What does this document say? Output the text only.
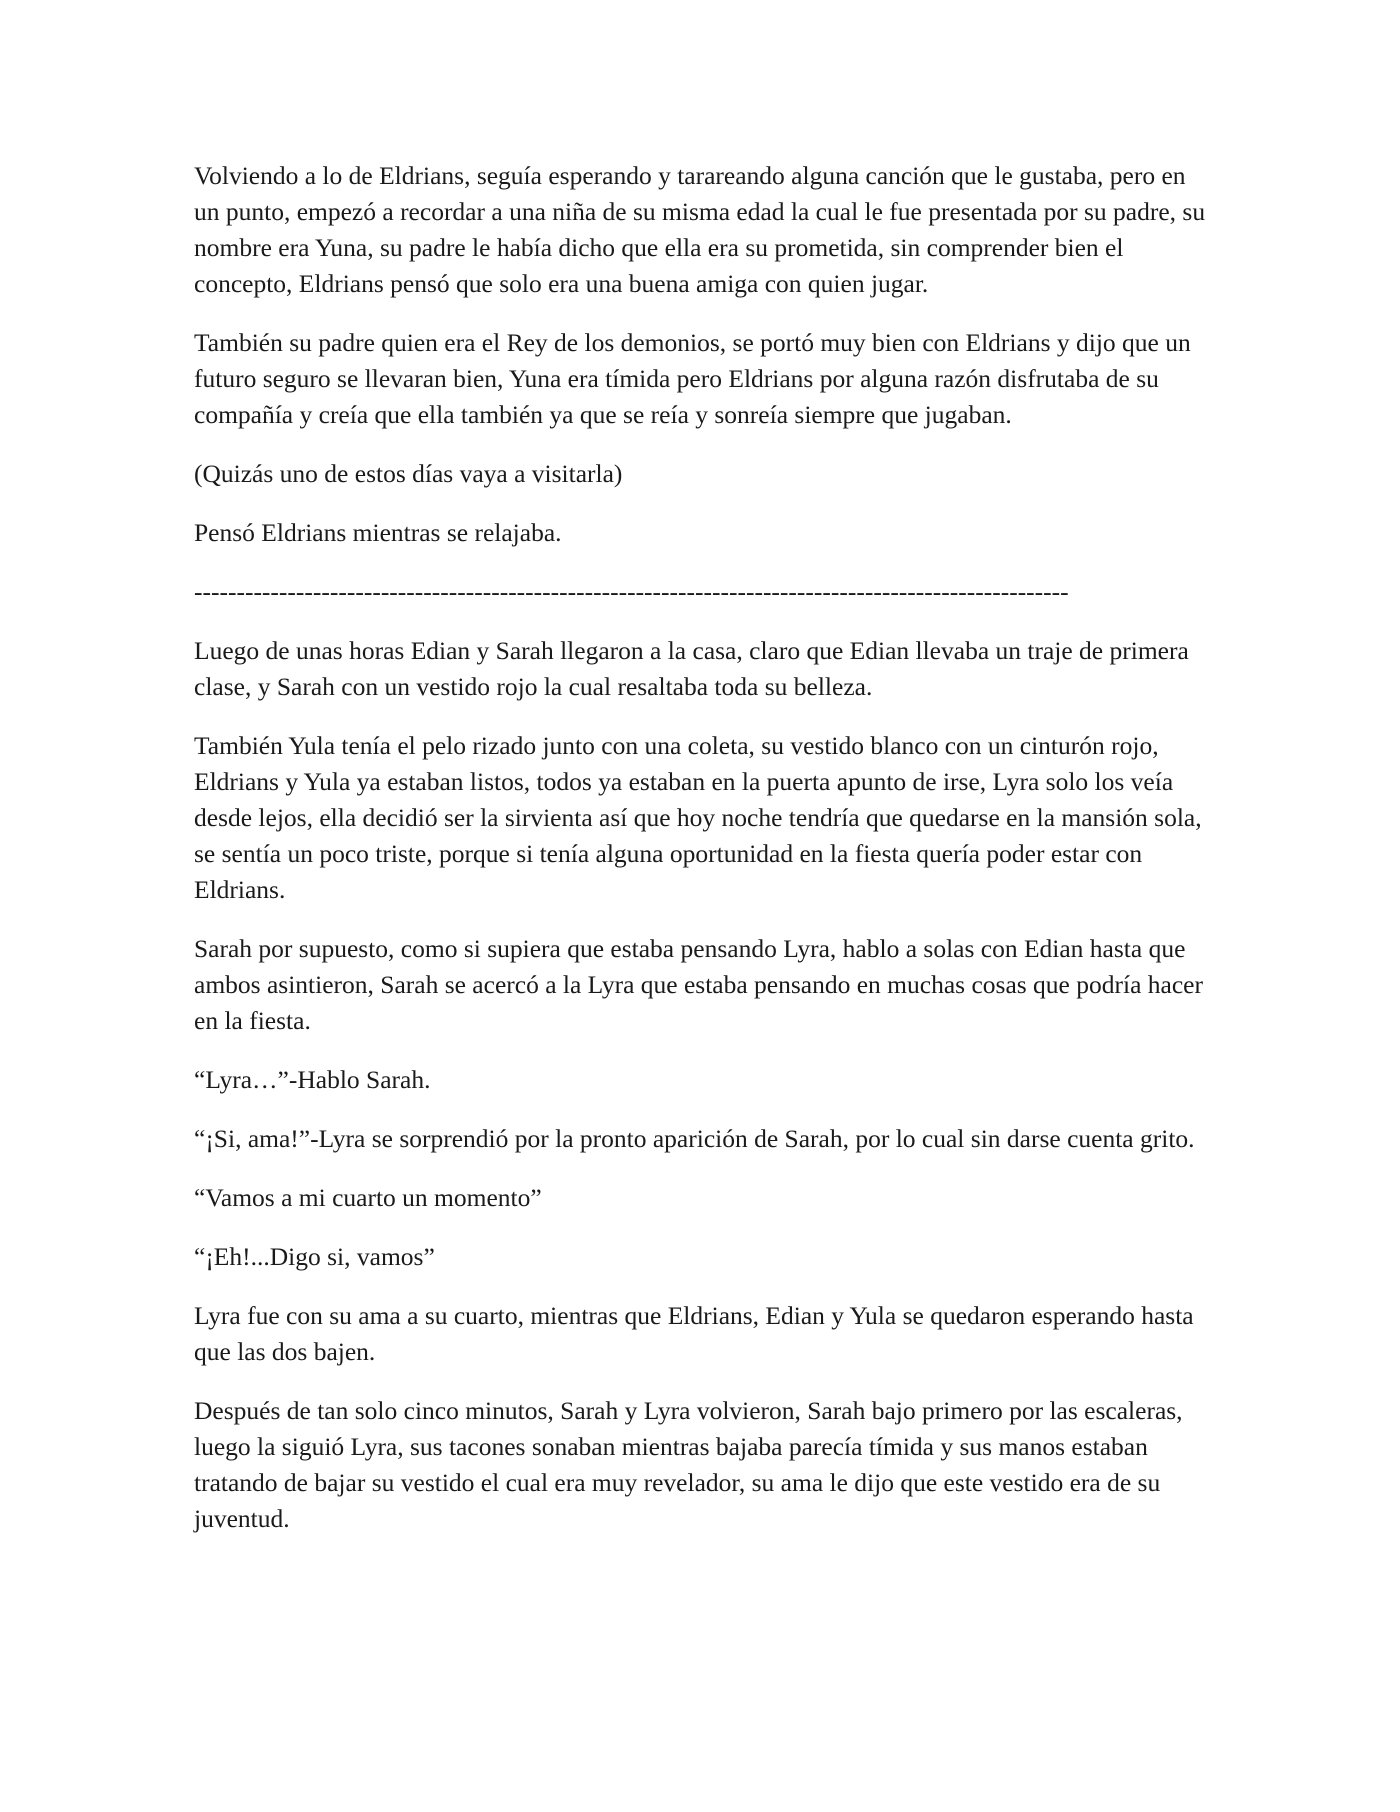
Volviendo a lo de Eldrians, seguía esperando y tarareando alguna canción que le gustaba, pero en un punto, empezó a recordar a una niña de su misma edad la cual le fue presentada por su padre, su nombre era Yuna, su padre le había dicho que ella era su prometida, sin comprender bien el concepto, Eldrians pensó que solo era una buena amiga con quien jugar.

También su padre quien era el Rey de los demonios, se portó muy bien con Eldrians y dijo que un futuro seguro se llevaran bien, Yuna era tímida pero Eldrians por alguna razón disfrutaba de su compañía y creía que ella también ya que se reía y sonreía siempre que jugaban.

(Quizás uno de estos días vaya a visitarla)

Pensó Eldrians mientras se relajaba.

-------------------------------------------------------------------------------------------------------

Luego de unas horas Edian y Sarah llegaron a la casa, claro que Edian llevaba un traje de primera clase, y Sarah con un vestido rojo la cual resaltaba toda su belleza.

También Yula tenía el pelo rizado junto con una coleta, su vestido blanco con un cinturón rojo, Eldrians y Yula ya estaban listos, todos ya estaban en la puerta apunto de irse, Lyra solo los veía desde lejos, ella decidió ser la sirvienta así que hoy noche tendría que quedarse en la mansión sola, se sentía un poco triste, porque si tenía alguna oportunidad en la fiesta quería poder estar con Eldrians.

Sarah por supuesto, como si supiera que estaba pensando Lyra, hablo a solas con Edian hasta que ambos asintieron, Sarah se acercó a la Lyra que estaba pensando en muchas cosas que podría hacer en la fiesta.

“Lyra…”-Hablo Sarah.

“¡Si, ama!”-Lyra se sorprendió por la pronto aparición de Sarah, por lo cual sin darse cuenta grito.

“Vamos a mi cuarto un momento”

“¡Eh!...Digo si, vamos”

Lyra fue con su ama a su cuarto, mientras que Eldrians, Edian y Yula se quedaron esperando hasta que las dos bajen.

Después de tan solo cinco minutos, Sarah y Lyra volvieron, Sarah bajo primero por las escaleras, luego la siguió Lyra, sus tacones sonaban mientras bajaba parecía tímida y sus manos estaban tratando de bajar su vestido el cual era muy revelador, su ama le dijo que este vestido era de su juventud.
